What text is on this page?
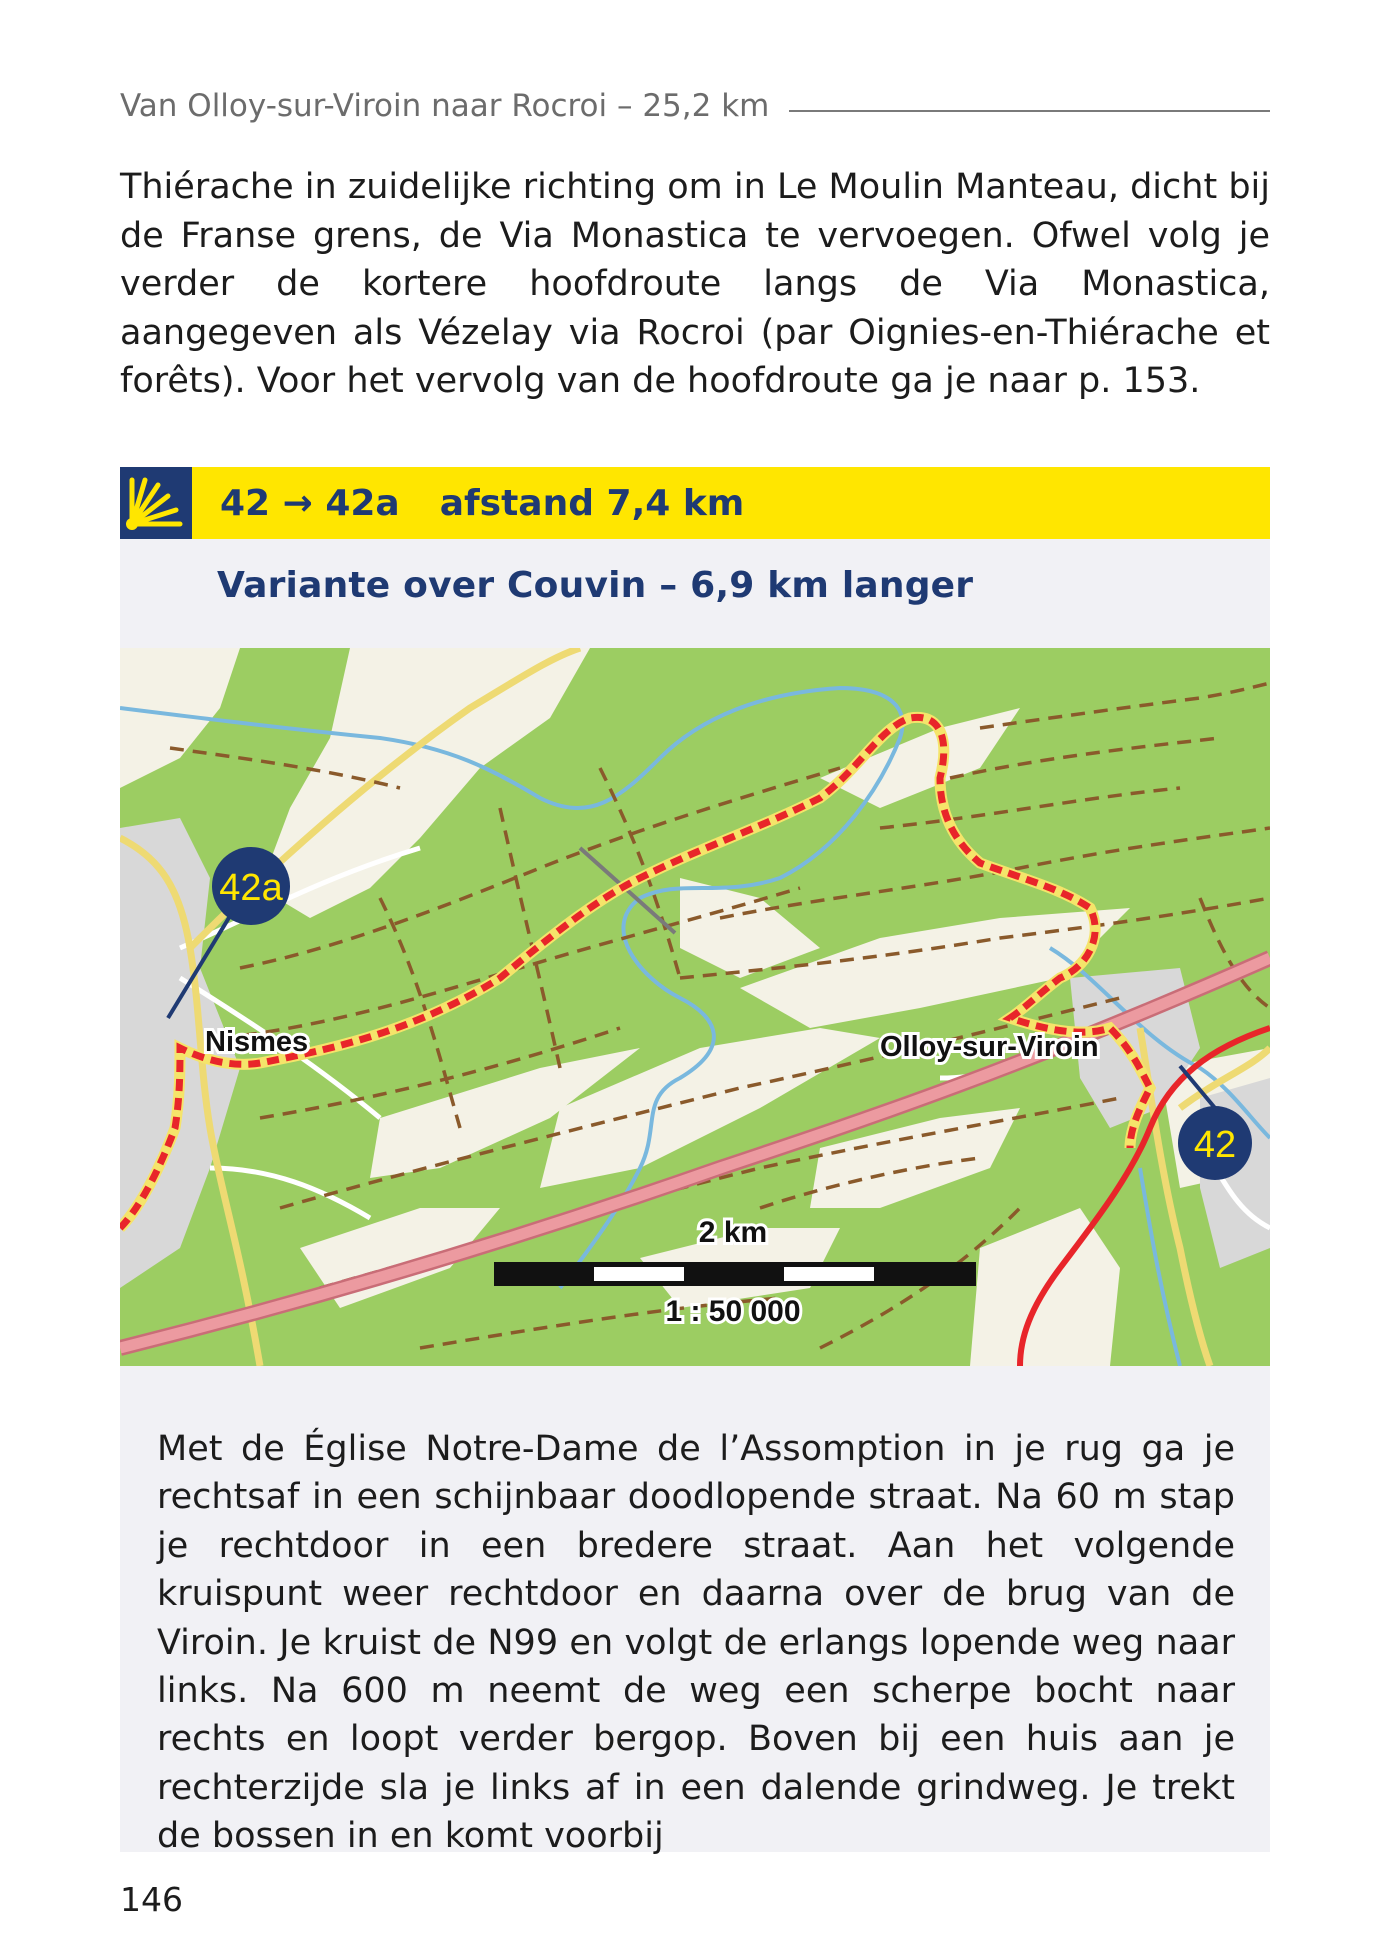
Van Olloy-sur-Viroin naar Rocroi – 25,2 km

Thiérache in zuidelijke richting om in Le Moulin Manteau, dicht bij de Franse grens, de Via Monastica te vervoegen. Ofwel volg je verder de kortere hoofdroute langs de Via Monastica, aangegeven als Vézelay via Rocroi (par Oignies-en-Thiérache et forêts). Voor het vervolg van de hoofdroute ga je naar p. 153.

42 → 42a afstand 7,4 km
Variante over Couvin – 6,9 km langer
42a
42
Nismes	Olloy-sur-Viroin
2 km
1 : 50 000

Met de Église Notre-Dame de l’Assomption in je rug ga je rechtsaf in een schijnbaar doodlopende straat. Na 60 m stap je rechtdoor in een bredere straat. Aan het volgende kruispunt weer rechtdoor en daarna over de brug van de Viroin. Je kruist de N99 en volgt de erlangs lopende weg naar links. Na 600 m neemt de weg een scherpe bocht naar rechts en loopt verder bergop. Boven bij een huis aan je rechterzijde sla je links af in een dalende grindweg. Je trekt de bossen in en komt voorbij

146
